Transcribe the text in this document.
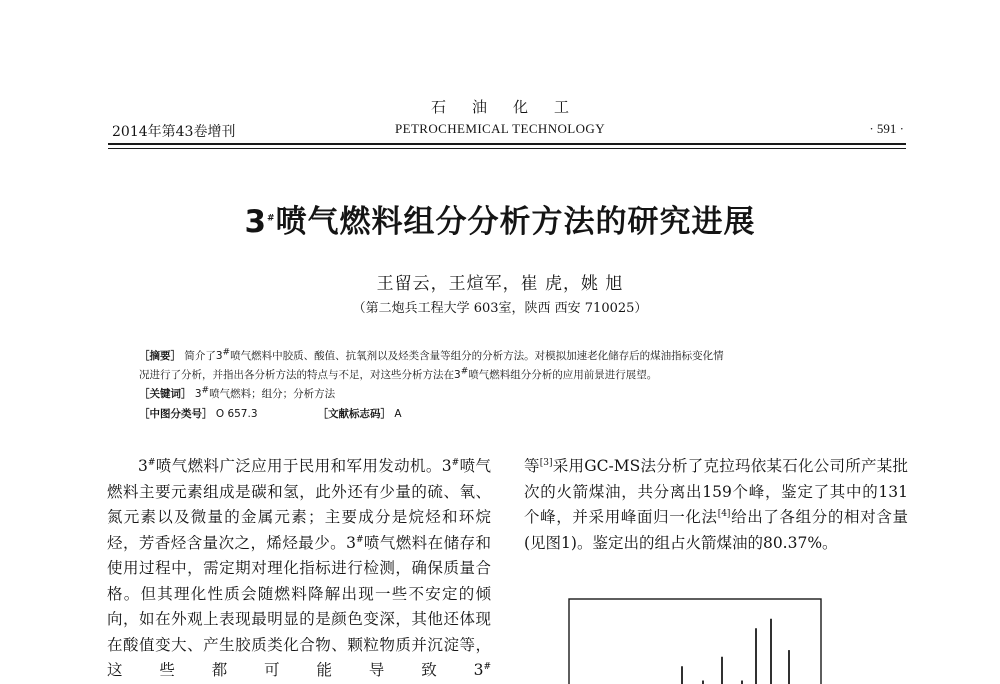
石油化工
2014年第43卷增刊	PETROCHEMICAL TECHNOLOGY	· 591 ·
3#喷气燃料组分分析方法的研究进展
王留云，王煊军，崔 虎，姚 旭
（第二炮兵工程大学 603室，陕西 西安 710025）
［摘要］ 简介了3#喷气燃料中胶质、酸值、抗氧剂以及烃类含量等组分的分析方法。对模拟加速老化储存后的煤油指标变化情
况进行了分析，并指出各分析方法的特点与不足，对这些分析方法在3#喷气燃料组分分析的应用前景进行展望。
［关键词］ 3#喷气燃料；组分；分析方法
［中图分类号］ O 657.3	［文献标志码］ A

3#喷气燃料广泛应用于民用和军用发动机。3#喷气燃料主要元素组成是碳和氢，此外还有少量的硫、氧、氮元素以及微量的金属元素；主要成分是烷烃和环烷烃，芳香烃含量次之，烯烃最少。3#喷气燃料在储存和使用过程中，需定期对理化指标进行检测，确保质量合格。但其理化性质会随燃料降解出现一些不安定的倾向，如在外观上表现最明显的是颜色变深，其他还体现在酸值变大、产生胶质类化合物、颗粒物质并沉淀等，这些都可能导致3#

等[3]采用GC-MS法分析了克拉玛依某石化公司所产某批次的火箭煤油，共分离出159个峰，鉴定了其中的131个峰，并采用峰面归一化法[4]给出了各组分的相对含量(见图1)。鉴定出的组占火箭煤油的80.37%。
